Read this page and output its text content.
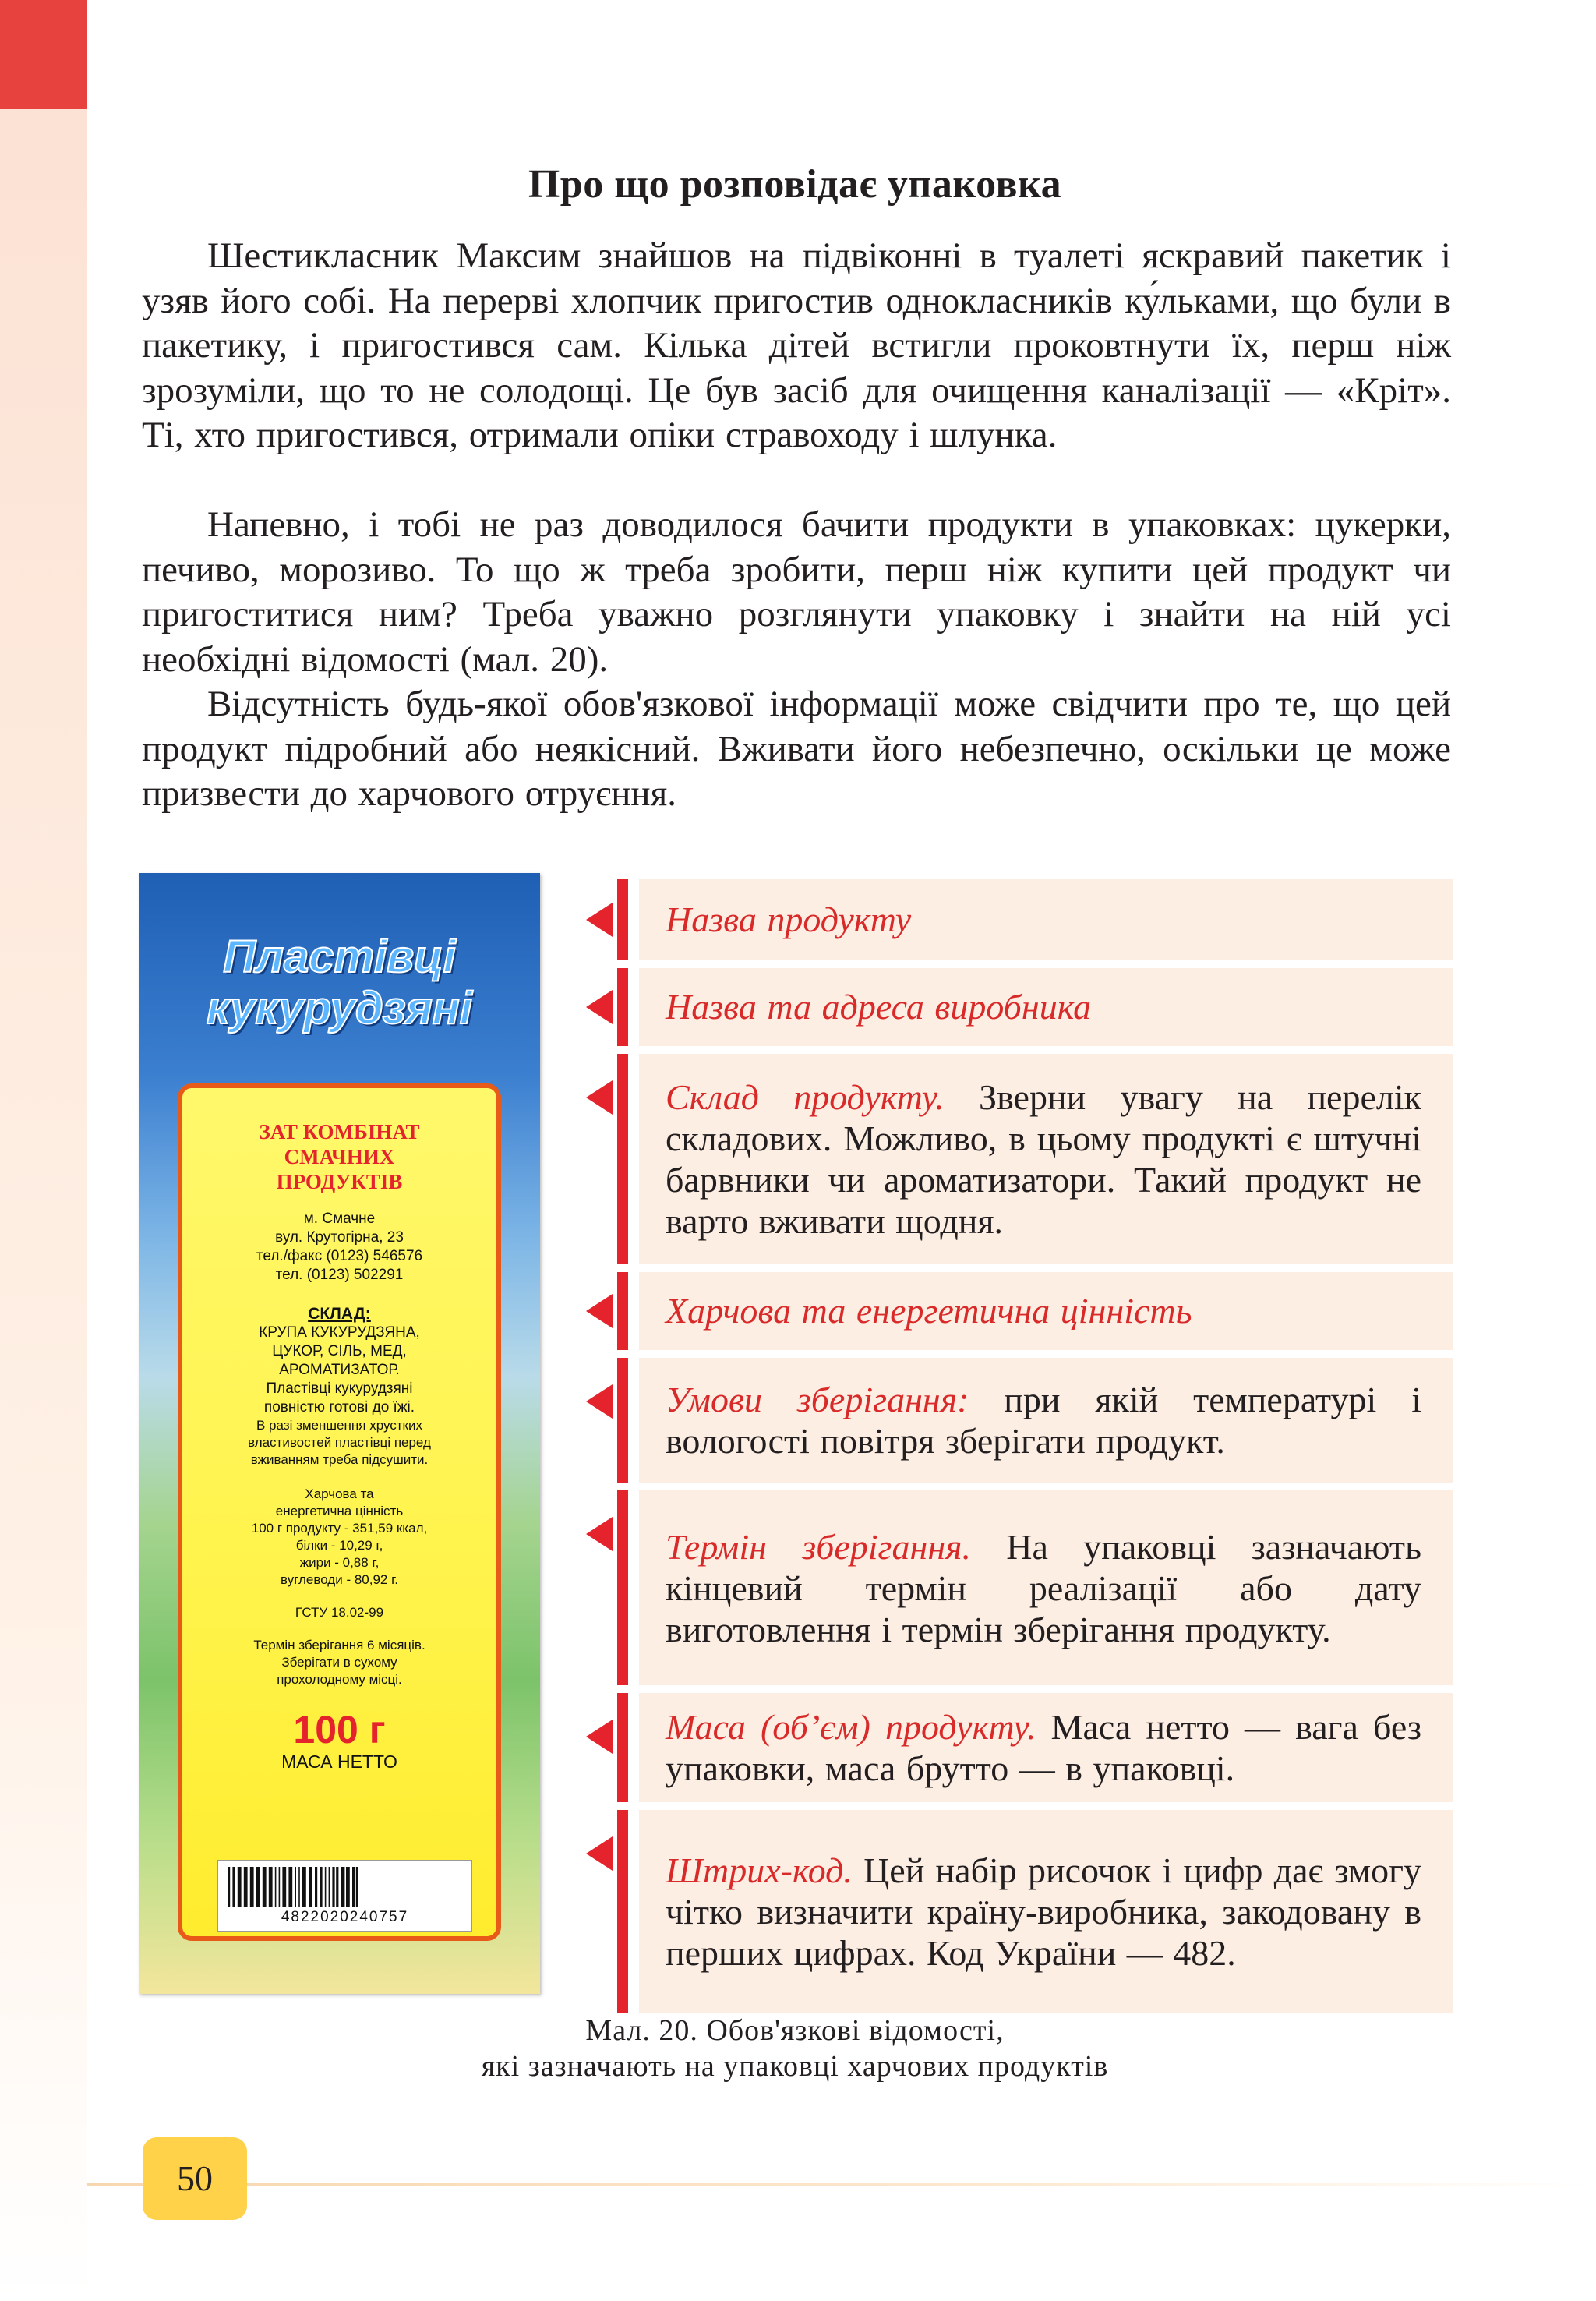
Про що розповідає упаковка

Шестикласник Максим знайшов на підвіконні в туалеті яскравий пакетик і узяв його собі. На перерві хлопчик пригостив однокласників ку́льками, що були в пакетику, і пригостився сам. Кілька дітей встигли проковтнути їх, перш ніж зрозуміли, що то не солодощі. Це був засіб для очищення каналізації — «Кріт». Ті, хто пригостився, отримали опіки стравоходу і шлунка.

Напевно, і тобі не раз доводилося бачити продукти в упаковках: цукерки, печиво, морозиво. То що ж треба зробити, перш ніж купити цей продукт чи пригоститися ним? Треба уважно розглянути упаковку і знайти на ній усі необхідні відомості (мал. 20).

Відсутність будь-якої обов'язкової інформації може свідчити про те, що цей продукт підробний або неякісний. Вживати його небезпечно, оскільки це може призвести до харчового отруєння.

Пластівці кукурудзяні
ЗАТ КОМБІНАТ
СМАЧНИХ
ПРОДУКТІВ
м. Смачне
вул. Крутогірна, 23
тел./факс (0123) 546576
тел. (0123) 502291
СКЛАД:
КРУПА КУКУРУДЗЯНА,
ЦУКОР, СІЛЬ, МЕД,
АРОМАТИЗАТОР.
Пластівці кукурудзяні
повністю готові до їжі.
В разі зменшення хрустких
властивостей пластівці перед
вживанням треба підсушити.
Харчова та
енергетична цінність
100 г продукту - 351,59 ккал,
білки - 10,29 г,
жири - 0,88 г,
вуглеводи - 80,92 г.
ГСТУ 18.02-99
Термін зберігання 6 місяців.
Зберігати в сухому
прохолодному місці.
100 г
МАСА НЕТТО
4822020240757
Назва продукту
Назва та адреса виробника
Склад продукту. Зверни увагу на перелік складових. Можливо, в цьому продукті є штучні барвники чи ароматизатори. Такий продукт не варто вживати щодня.
Харчова та енергетична цінність
Умови зберігання: при якій температурі і вологості повітря зберігати продукт.
Термін зберігання. На упаковці зазначають кінцевий термін реалізації або дату виготовлення і термін зберігання продукту.
Маса (об’єм) продукту. Маса нетто — вага без упаковки, маса брутто — в упаковці.
Штрих-код. Цей набір рисочок і цифр дає змогу чітко визначити країну-виробника, закодовану в перших цифрах. Код України — 482.
Мал. 20. Обов'язкові відомості,
які зазначають на упаковці харчових продуктів
50
